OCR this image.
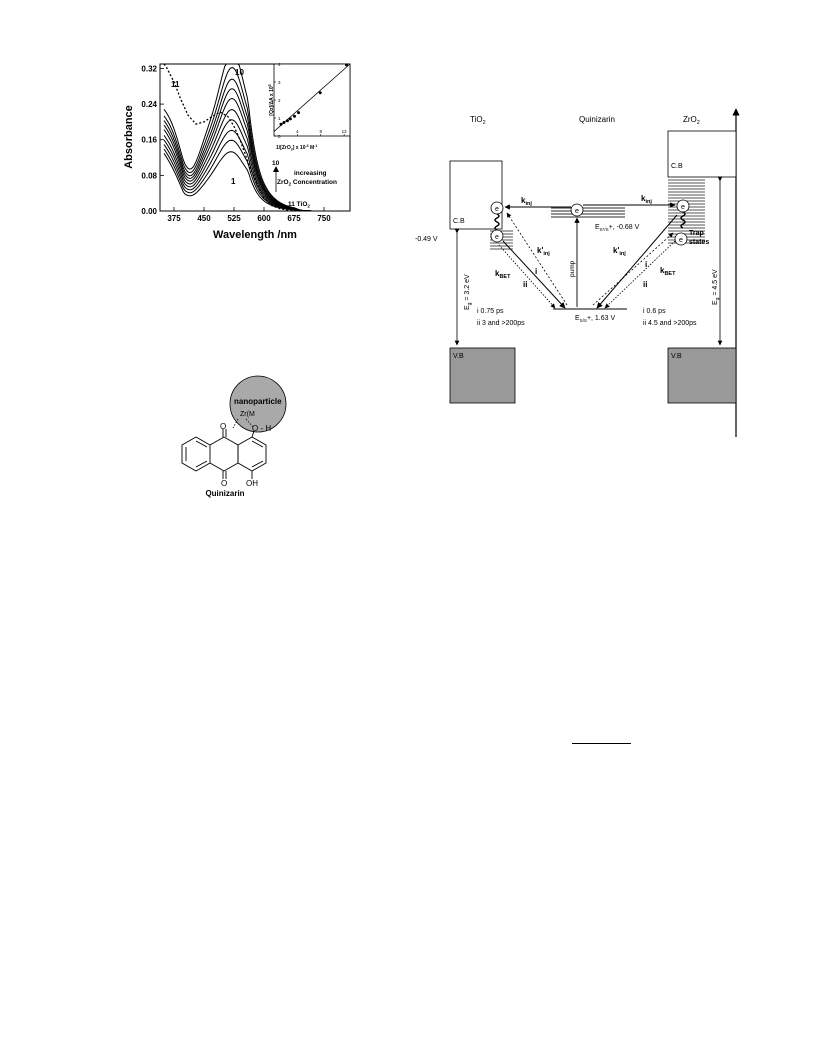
0.00
0.08
0.16
0.24
0.32
375 450 525 600 675 750
10
1
11
10
increasing
ZrO$_2$ Concentration
11 TiO$_2$
Absorbance
Wavelength /nm
0
1
2
3
4
4	8	12
[Qz]/ΔA x $10^5$
1/[ZrO$_2$] x $10^{-3}$ $M^{-1}$
nanoparticle
Zr(M
O	O - H
O OH
Quinizarin
TiO$_2$	Quinizarin	ZrO$_2$
C.B
V.B
-0.49 V
$E_g = 3.2$ eV
i 0.75 ps
ii 3 and >200ps
e
e
e
$E_{S*/S}+$, -0.68 V
$E_{S/S}+$, 1.63 V
pump
$k_{inj}$
$k'_{inj}$
i
ii
$k_{BET}$
C.B
V.B
Trap
states
$E_g = 4.5$ eV
i 0.6 ps
ii 4.5 and >200ps
e
e
$k_{inj}$
$k'_{inj}$
i
ii
$k_{BET}$
